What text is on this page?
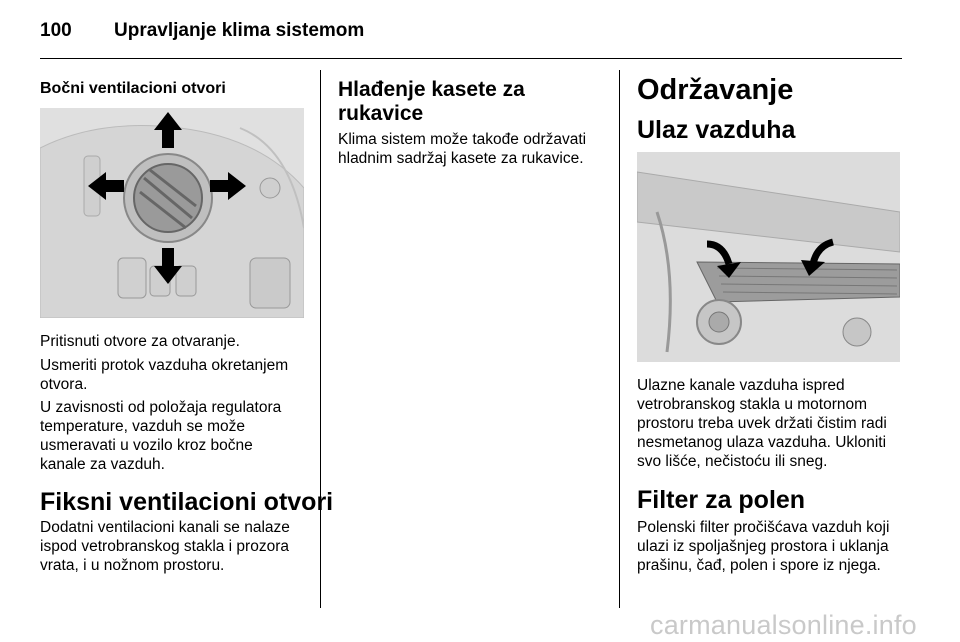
100 Upravljanje klima sistemom
Bočni ventilacioni otvori
Pritisnuti otvore za otvaranje.
Usmeriti protok vazduha okretanjem otvora.
U zavisnosti od položaja regulatora temperature, vazduh se može usmeravati u vozilo kroz bočne kanale za vazduh.
Fiksni ventilacioni otvori
Dodatni ventilacioni kanali se nalaze ispod vetrobranskog stakla i prozora vrata, i u nožnom prostoru.
Hlađenje kasete za rukavice
Klima sistem može takođe održavati hladnim sadržaj kasete za rukavice.
Održavanje
Ulaz vazduha
Ulazne kanale vazduha ispred vetrobranskog stakla u motornom prostoru treba uvek držati čistim radi nesmetanog ulaza vazduha. Ukloniti svo lišće, nečistoću ili sneg.
Filter za polen
Polenski filter pročišćava vazduh koji ulazi iz spoljašnjeg prostora i uklanja prašinu, čađ, polen i spore iz njega.
carmanualsonline.info
